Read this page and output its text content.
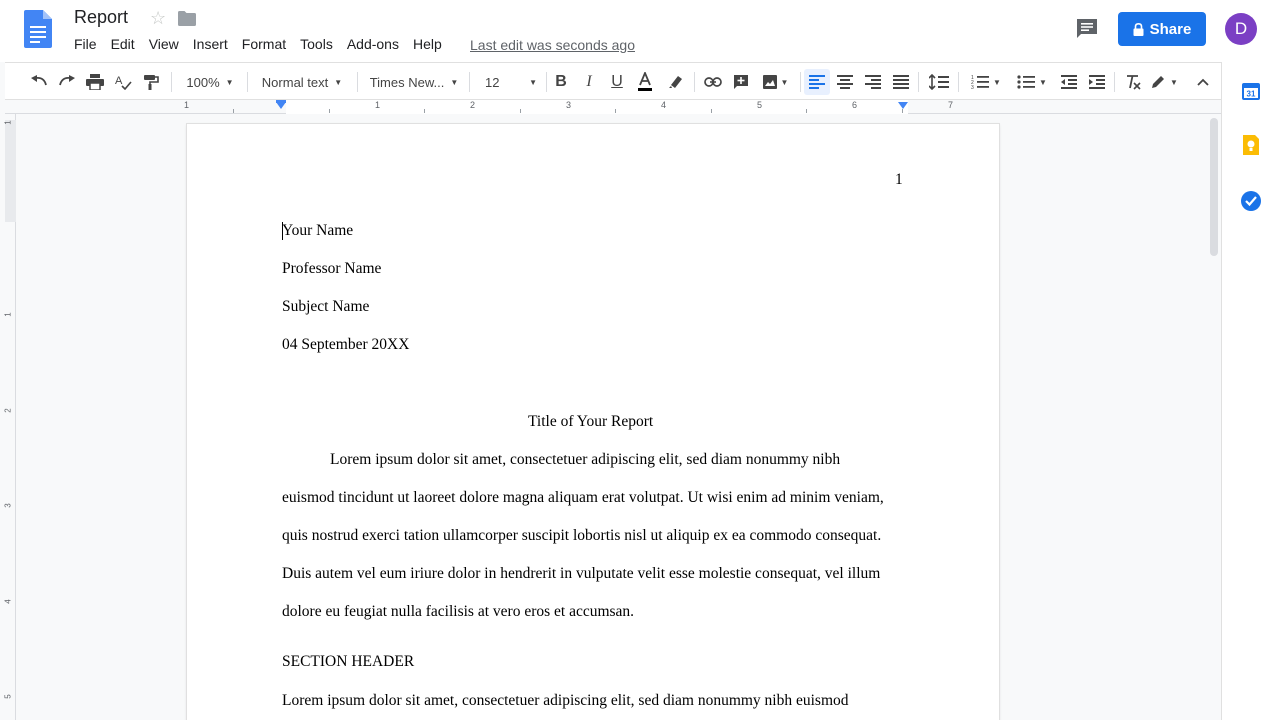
Report ☆
File Edit View Insert Format Tools Add-ons Help Last edit was seconds ago
Share	D
A	100% ▼ Normal text ▼ Times New... ▼ 12	▼	B	I	U	▼	1
2
3
▼	▼	▼
1	1	2	3	4	5	6	7
1
1
2
3
4
5
1
Your Name
Professor Name
Subject Name
04 September 20XX
Title of Your Report
Lorem ipsum dolor sit amet, consectetuer adipiscing elit, sed diam nonummy nibh
euismod tincidunt ut laoreet dolore magna aliquam erat volutpat. Ut wisi enim ad minim veniam,
quis nostrud exerci tation ullamcorper suscipit lobortis nisl ut aliquip ex ea commodo consequat.
Duis autem vel eum iriure dolor in hendrerit in vulputate velit esse molestie consequat, vel illum
dolore eu feugiat nulla facilisis at vero eros et accumsan.
SECTION HEADER
Lorem ipsum dolor sit amet, consectetuer adipiscing elit, sed diam nonummy nibh euismod
31
